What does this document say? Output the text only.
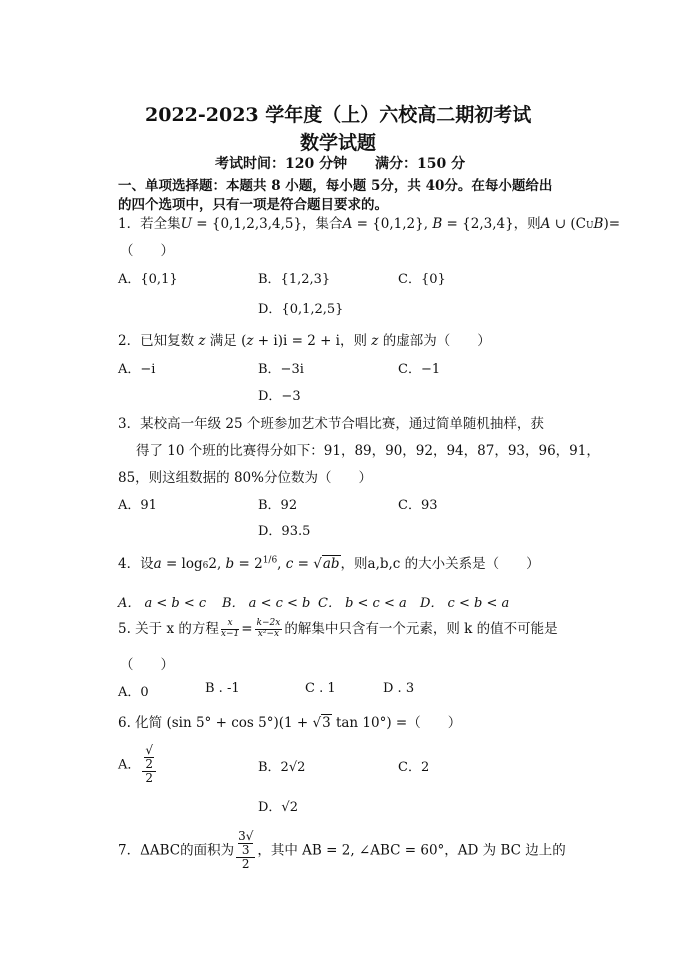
2022-2023 学年度（上）六校高二期初考试
数学试题
考试时间：120 分钟 满分：150 分
一、单项选择题：本题共 8 小题，每小题 5分，共 40分。在每小题给出
的四个选项中，只有一项是符合题目要求的。
1．若全集U = {0,1,2,3,4,5}，集合A = {0,1,2}, B = {2,3,4}，则A ∪ (CUB)=
（　　）
A．{0,1}	B．{1,2,3}	C．{0}
D．{0,1,2,5}
2．已知复数 z 满足 (z + i)i = 2 + i，则 z 的虚部为（　　）
A．−i	B．−3i	C．−1
D．−3
3．某校高一年级 25 个班参加艺术节合唱比赛，通过简单随机抽样，获
得了 10 个班的比赛得分如下：91，89，90，92，94，87，93，96，91，
85，则这组数据的 80%分位数为（　　）
A．91	B．92	C．93
D．93.5
4．设a = log62, $b = 2^{1/6}$, c = √ab，则a,b,c 的大小关系是（　　）
A． a < b < c B． a < c < b C． b < c < a D． c < b < a
5. 关于 x 的方程 $\frac{x}{x-1} = \frac{k-2x}{\text{x²−x}}$ 的解集中只含有一个元素，则 k 的值不可能是
（　　）
A．0	B . -1	C . 1	D . 3
6. 化简 (sin 5° + cos 5°)(1 + √3 tan 10°) =（　　）
A． √
2
2	B．2√2	C．2
D．√2
7．ΔABC的面积为 3√
3
2 ，其中 AB = 2, ∠ABC = 60°，AD 为 BC 边上的
